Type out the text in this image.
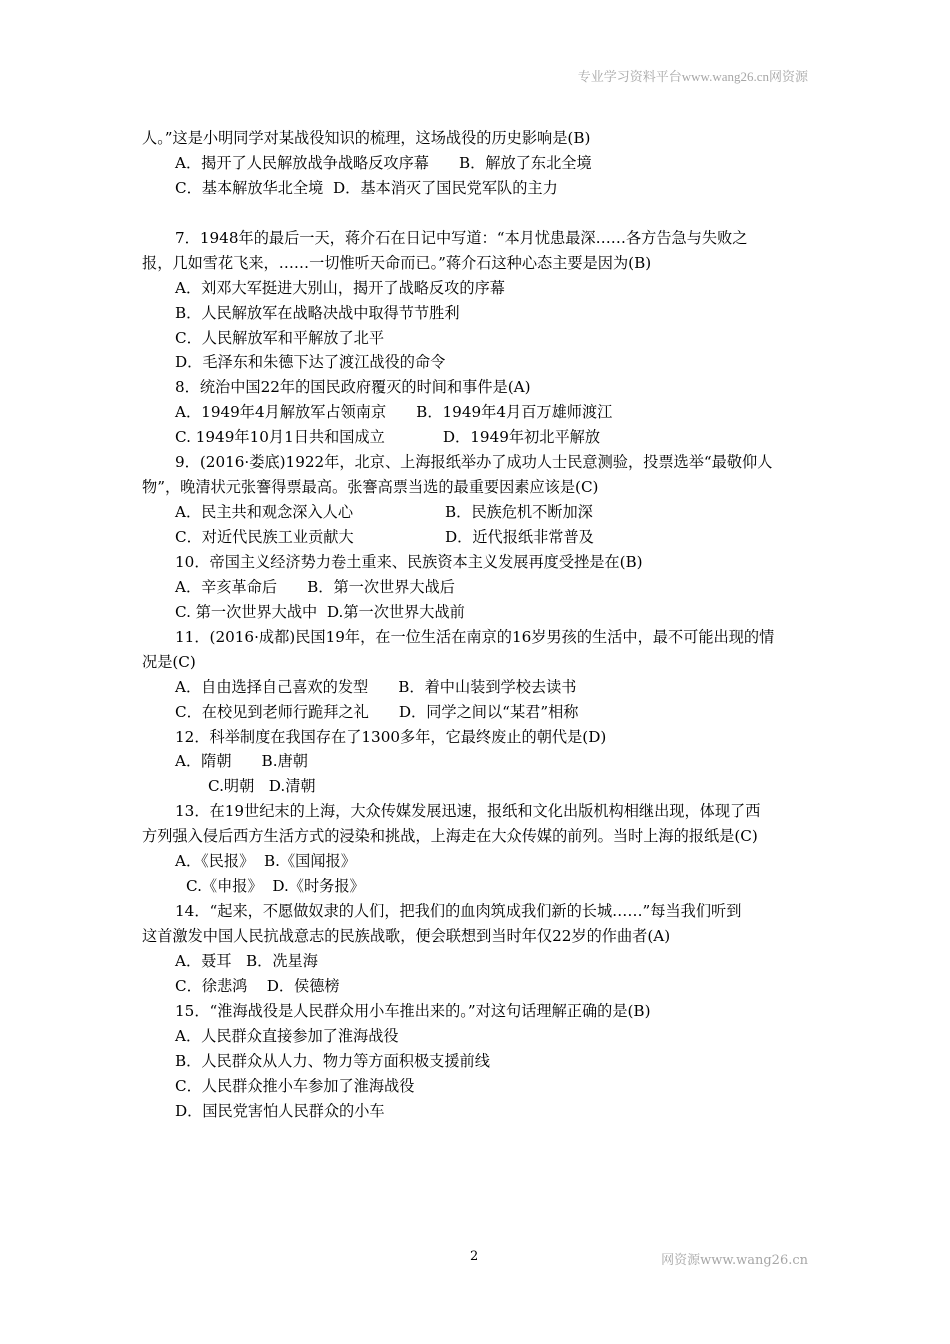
专业学习资料平台www.wang26.cn网资源
人。”这是小明同学对某战役知识的梳理，这场战役的历史影响是(B)
A．揭开了人民解放战争战略反攻序幕 B．解放了东北全境
C．基本解放华北全境 D．基本消灭了国民党军队的主力
7．1948年的最后一天，蒋介石在日记中写道：“本月忧患最深……各方告急与失败之
报，几如雪花飞来，……一切惟听天命而已。”蒋介石这种心态主要是因为(B)
A．刘邓大军挺进大别山，揭开了战略反攻的序幕
B．人民解放军在战略决战中取得节节胜利
C．人民解放军和平解放了北平
D．毛泽东和朱德下达了渡江战役的命令
8．统治中国22年的国民政府覆灭的时间和事件是(A)
A．1949年4月解放军占领南京 B．1949年4月百万雄师渡江
C. 1949年10月1日共和国成立	D．1949年初北平解放
9．(2016·娄底)1922年，北京、上海报纸举办了成功人士民意测验，投票选举“最敬仰人
物”，晚清状元张謇得票最高。张謇高票当选的最重要因素应该是(C)
A．民主共和观念深入人心	B．民族危机不断加深
C．对近代民族工业贡献大	D．近代报纸非常普及
10．帝国主义经济势力卷土重来、民族资本主义发展再度受挫是在(B)
A．辛亥革命后 B．第一次世界大战后
C. 第一次世界大战中 D.第一次世界大战前
11．(2016·成都)民国19年，在一位生活在南京的16岁男孩的生活中，最不可能出现的情
况是(C)
A．自由选择自己喜欢的发型 B．着中山装到学校去读书
C．在校见到老师行跪拜之礼 D．同学之间以“某君”相称
12．科举制度在我国存在了1300多年，它最终废止的朝代是(D)
A．隋朝 B.唐朝
C.明朝 D.清朝
13．在19世纪末的上海，大众传媒发展迅速，报纸和文化出版机构相继出现，体现了西
方列强入侵后西方生活方式的浸染和挑战，上海走在大众传媒的前列。当时上海的报纸是(C)
A．《民报》 B.《国闻报》
C.《申报》 D.《时务报》
14．“起来，不愿做奴隶的人们，把我们的血肉筑成我们新的长城……”每当我们听到
这首激发中国人民抗战意志的民族战歌，便会联想到当时年仅22岁的作曲者(A)
A．聂耳 B．冼星海
C．徐悲鸿 D．侯德榜
15．“淮海战役是人民群众用小车推出来的。”对这句话理解正确的是(B)
A．人民群众直接参加了淮海战役
B．人民群众从人力、物力等方面积极支援前线
C．人民群众推小车参加了淮海战役
D．国民党害怕人民群众的小车
2	网资源www.wang26.cn
